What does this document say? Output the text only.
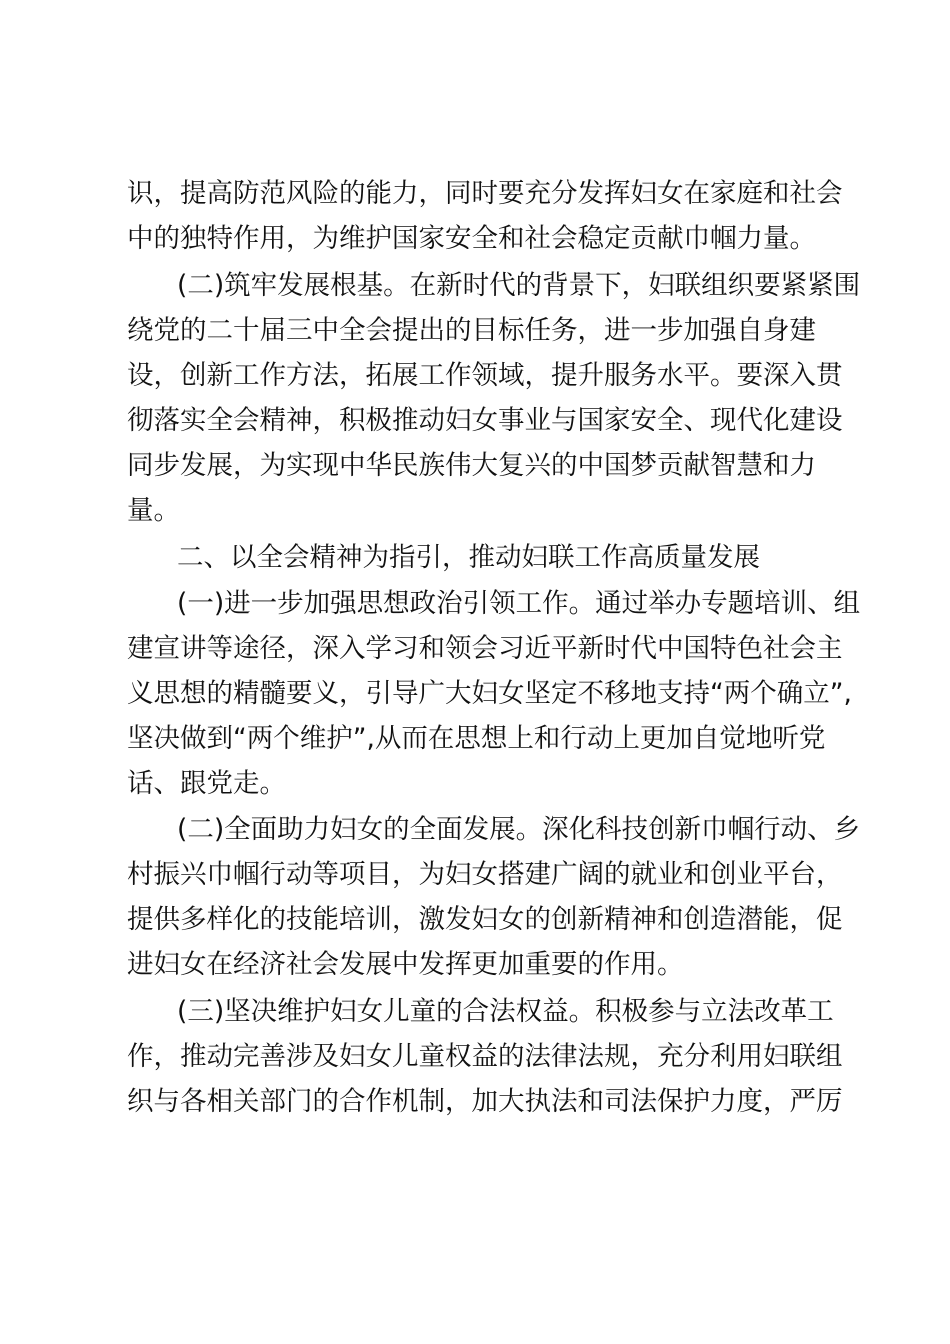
识，提高防范风险的能力，同时要充分发挥妇女在家庭和社会
中的独特作用，为维护国家安全和社会稳定贡献巾帼力量。
(二)筑牢发展根基。在新时代的背景下，妇联组织要紧紧围
绕党的二十届三中全会提出的目标任务，进一步加强自身建
设，创新工作方法，拓展工作领域，提升服务水平。要深入贯
彻落实全会精神，积极推动妇女事业与国家安全、现代化建设
同步发展，为实现中华民族伟大复兴的中国梦贡献智慧和力
量。
二、以全会精神为指引，推动妇联工作高质量发展
(一)进一步加强思想政治引领工作。通过举办专题培训、组
建宣讲等途径，深入学习和领会习近平新时代中国特色社会主
义思想的精髓要义，引导广大妇女坚定不移地支持“两个确立”,
坚决做到“两个维护”,从而在思想上和行动上更加自觉地听党
话、跟党走。
(二)全面助力妇女的全面发展。深化科技创新巾帼行动、乡
村振兴巾帼行动等项目，为妇女搭建广阔的就业和创业平台，
提供多样化的技能培训，激发妇女的创新精神和创造潜能，促
进妇女在经济社会发展中发挥更加重要的作用。
(三)坚决维护妇女儿童的合法权益。积极参与立法改革工
作，推动完善涉及妇女儿童权益的法律法规，充分利用妇联组
织与各相关部门的合作机制，加大执法和司法保护力度，严厉
